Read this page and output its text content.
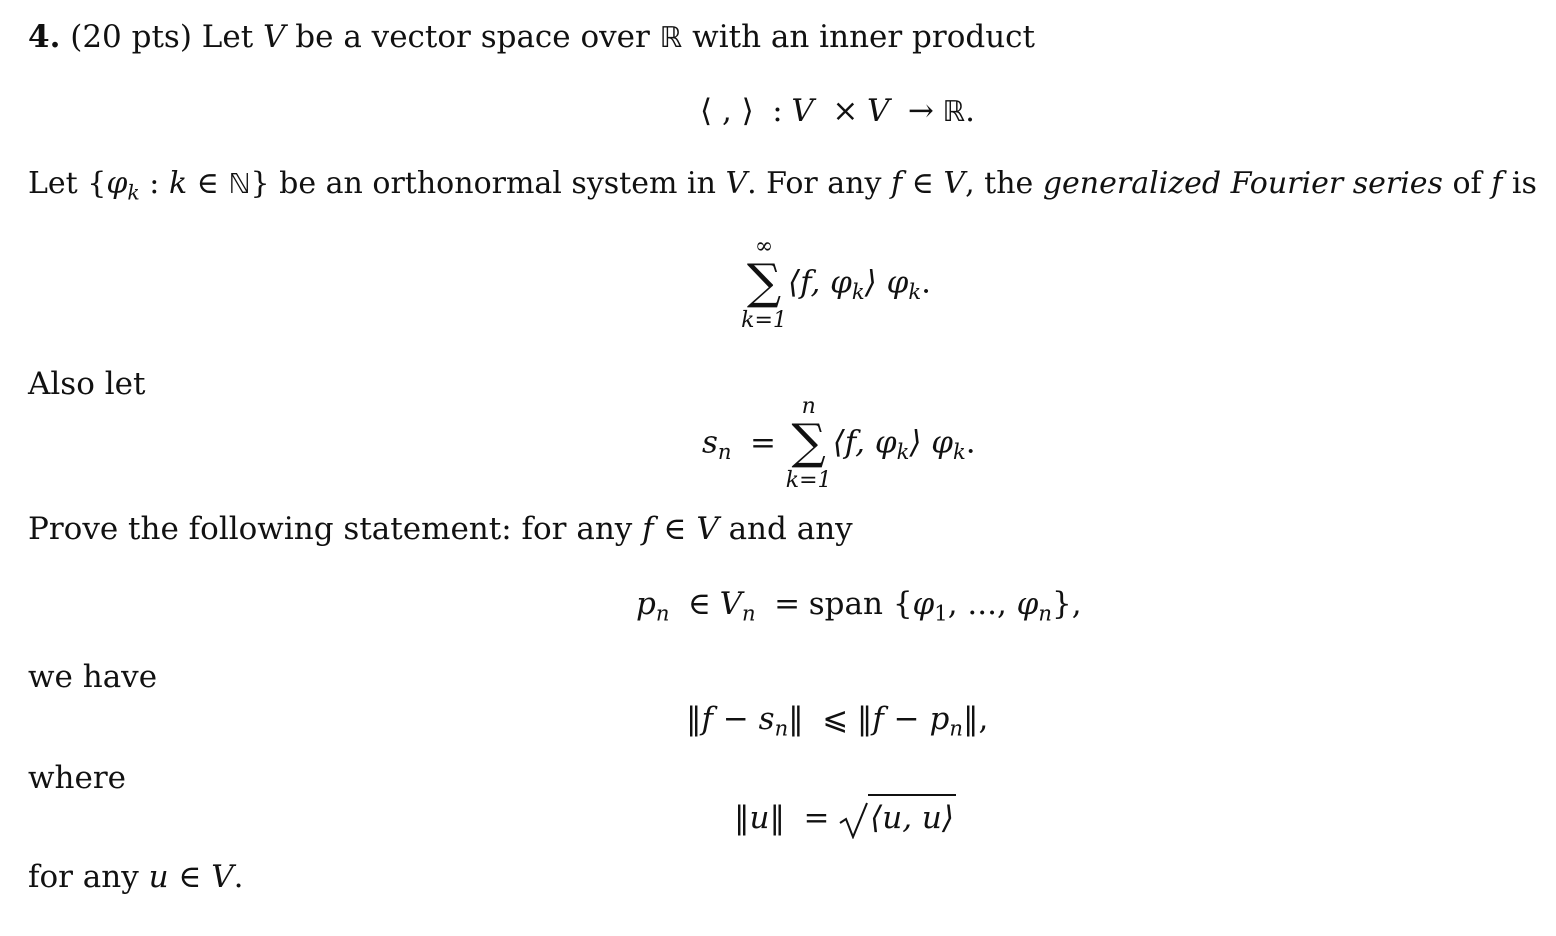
4. (20 pts) Let V be a vector space over ℝ with an inner product
⟨ , ⟩ : V × V → ℝ.
Let {$\varphi_k$ : k ∈ ℕ} be an orthonormal system in V. For any f ∈ V, the generalized Fourier series of f is
∞
∑
k=1
⟨f, $\varphi_k⟩$ $\varphi_k$.
Also let
$s_n$ =
n
∑
k=1
⟨f, $\varphi_k⟩$ $\varphi_k$.
Prove the following statement: for any f ∈ V and any
$p_n$ ∈ $V_n$ = span {$\varphi_1$, ..., $\varphi_n$},
we have
‖f − $s_n‖$ ⩽ ‖f − $p_n‖$,
where
‖u‖ = ⟨u, u⟩
for any u ∈ V.
